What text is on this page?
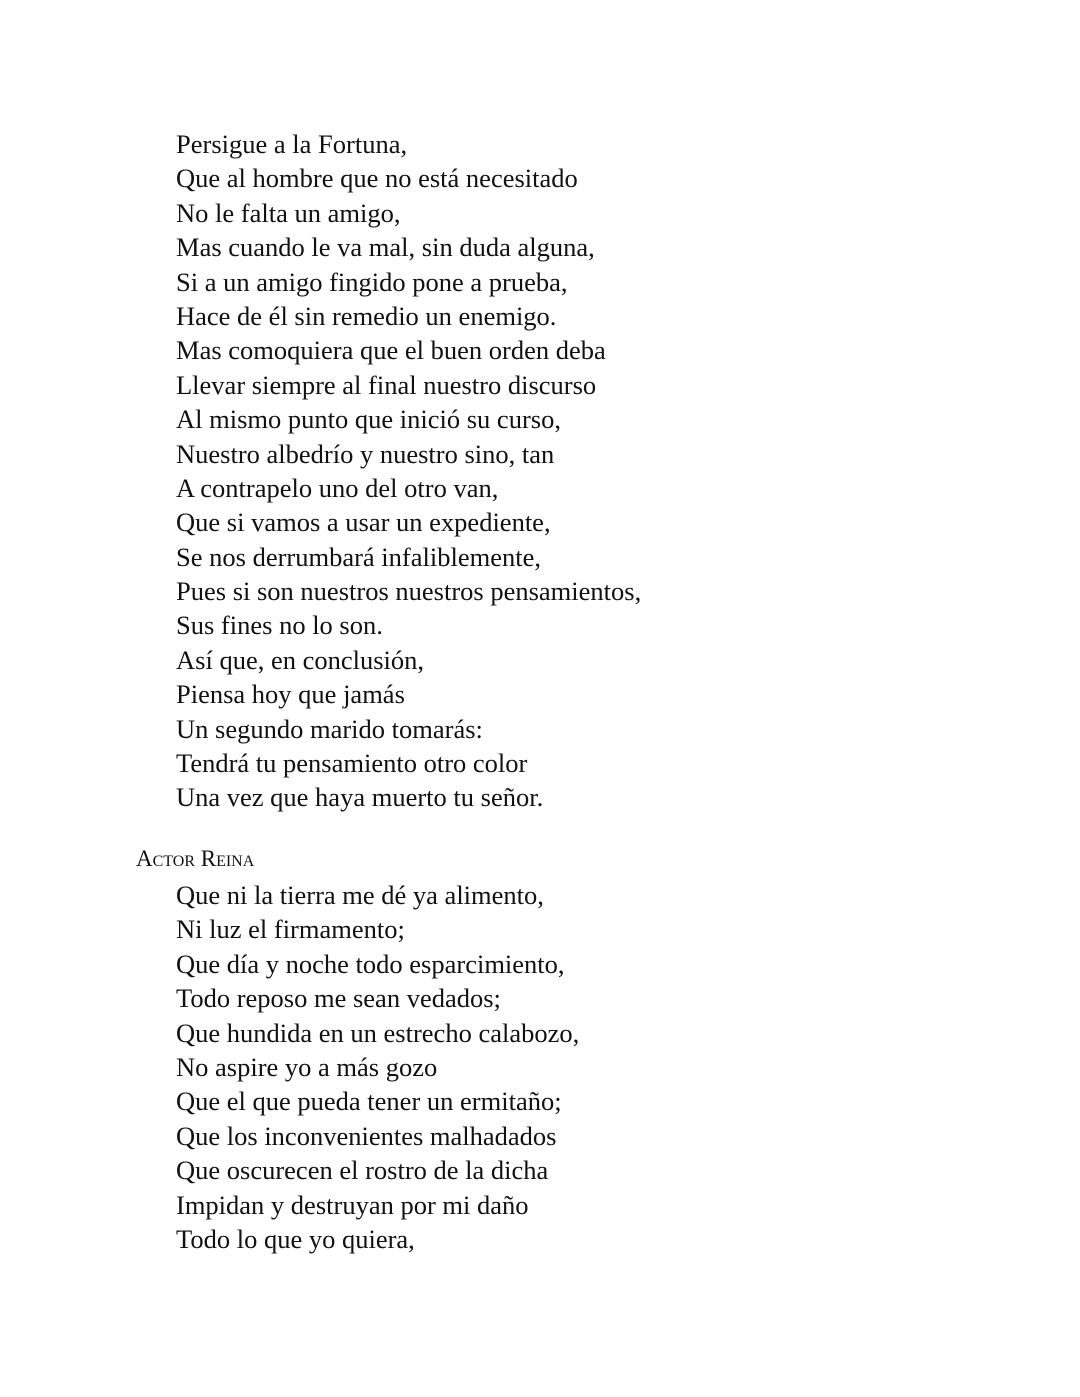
Persigue a la Fortuna,
Que al hombre que no está necesitado
No le falta un amigo,
Mas cuando le va mal, sin duda alguna,
Si a un amigo fingido pone a prueba,
Hace de él sin remedio un enemigo.
Mas comoquiera que el buen orden deba
Llevar siempre al final nuestro discurso
Al mismo punto que inició su curso,
Nuestro albedrío y nuestro sino, tan
A contrapelo uno del otro van,
Que si vamos a usar un expediente,
Se nos derrumbará infaliblemente,
Pues si son nuestros nuestros pensamientos,
Sus fines no lo son.
Así que, en conclusión,
Piensa hoy que jamás
Un segundo marido tomarás:
Tendrá tu pensamiento otro color
Una vez que haya muerto tu señor.

Actor Reina

Que ni la tierra me dé ya alimento,
Ni luz el firmamento;
Que día y noche todo esparcimiento,
Todo reposo me sean vedados;
Que hundida en un estrecho calabozo,
No aspire yo a más gozo
Que el que pueda tener un ermitaño;
Que los inconvenientes malhadados
Que oscurecen el rostro de la dicha
Impidan y destruyan por mi daño
Todo lo que yo quiera,
